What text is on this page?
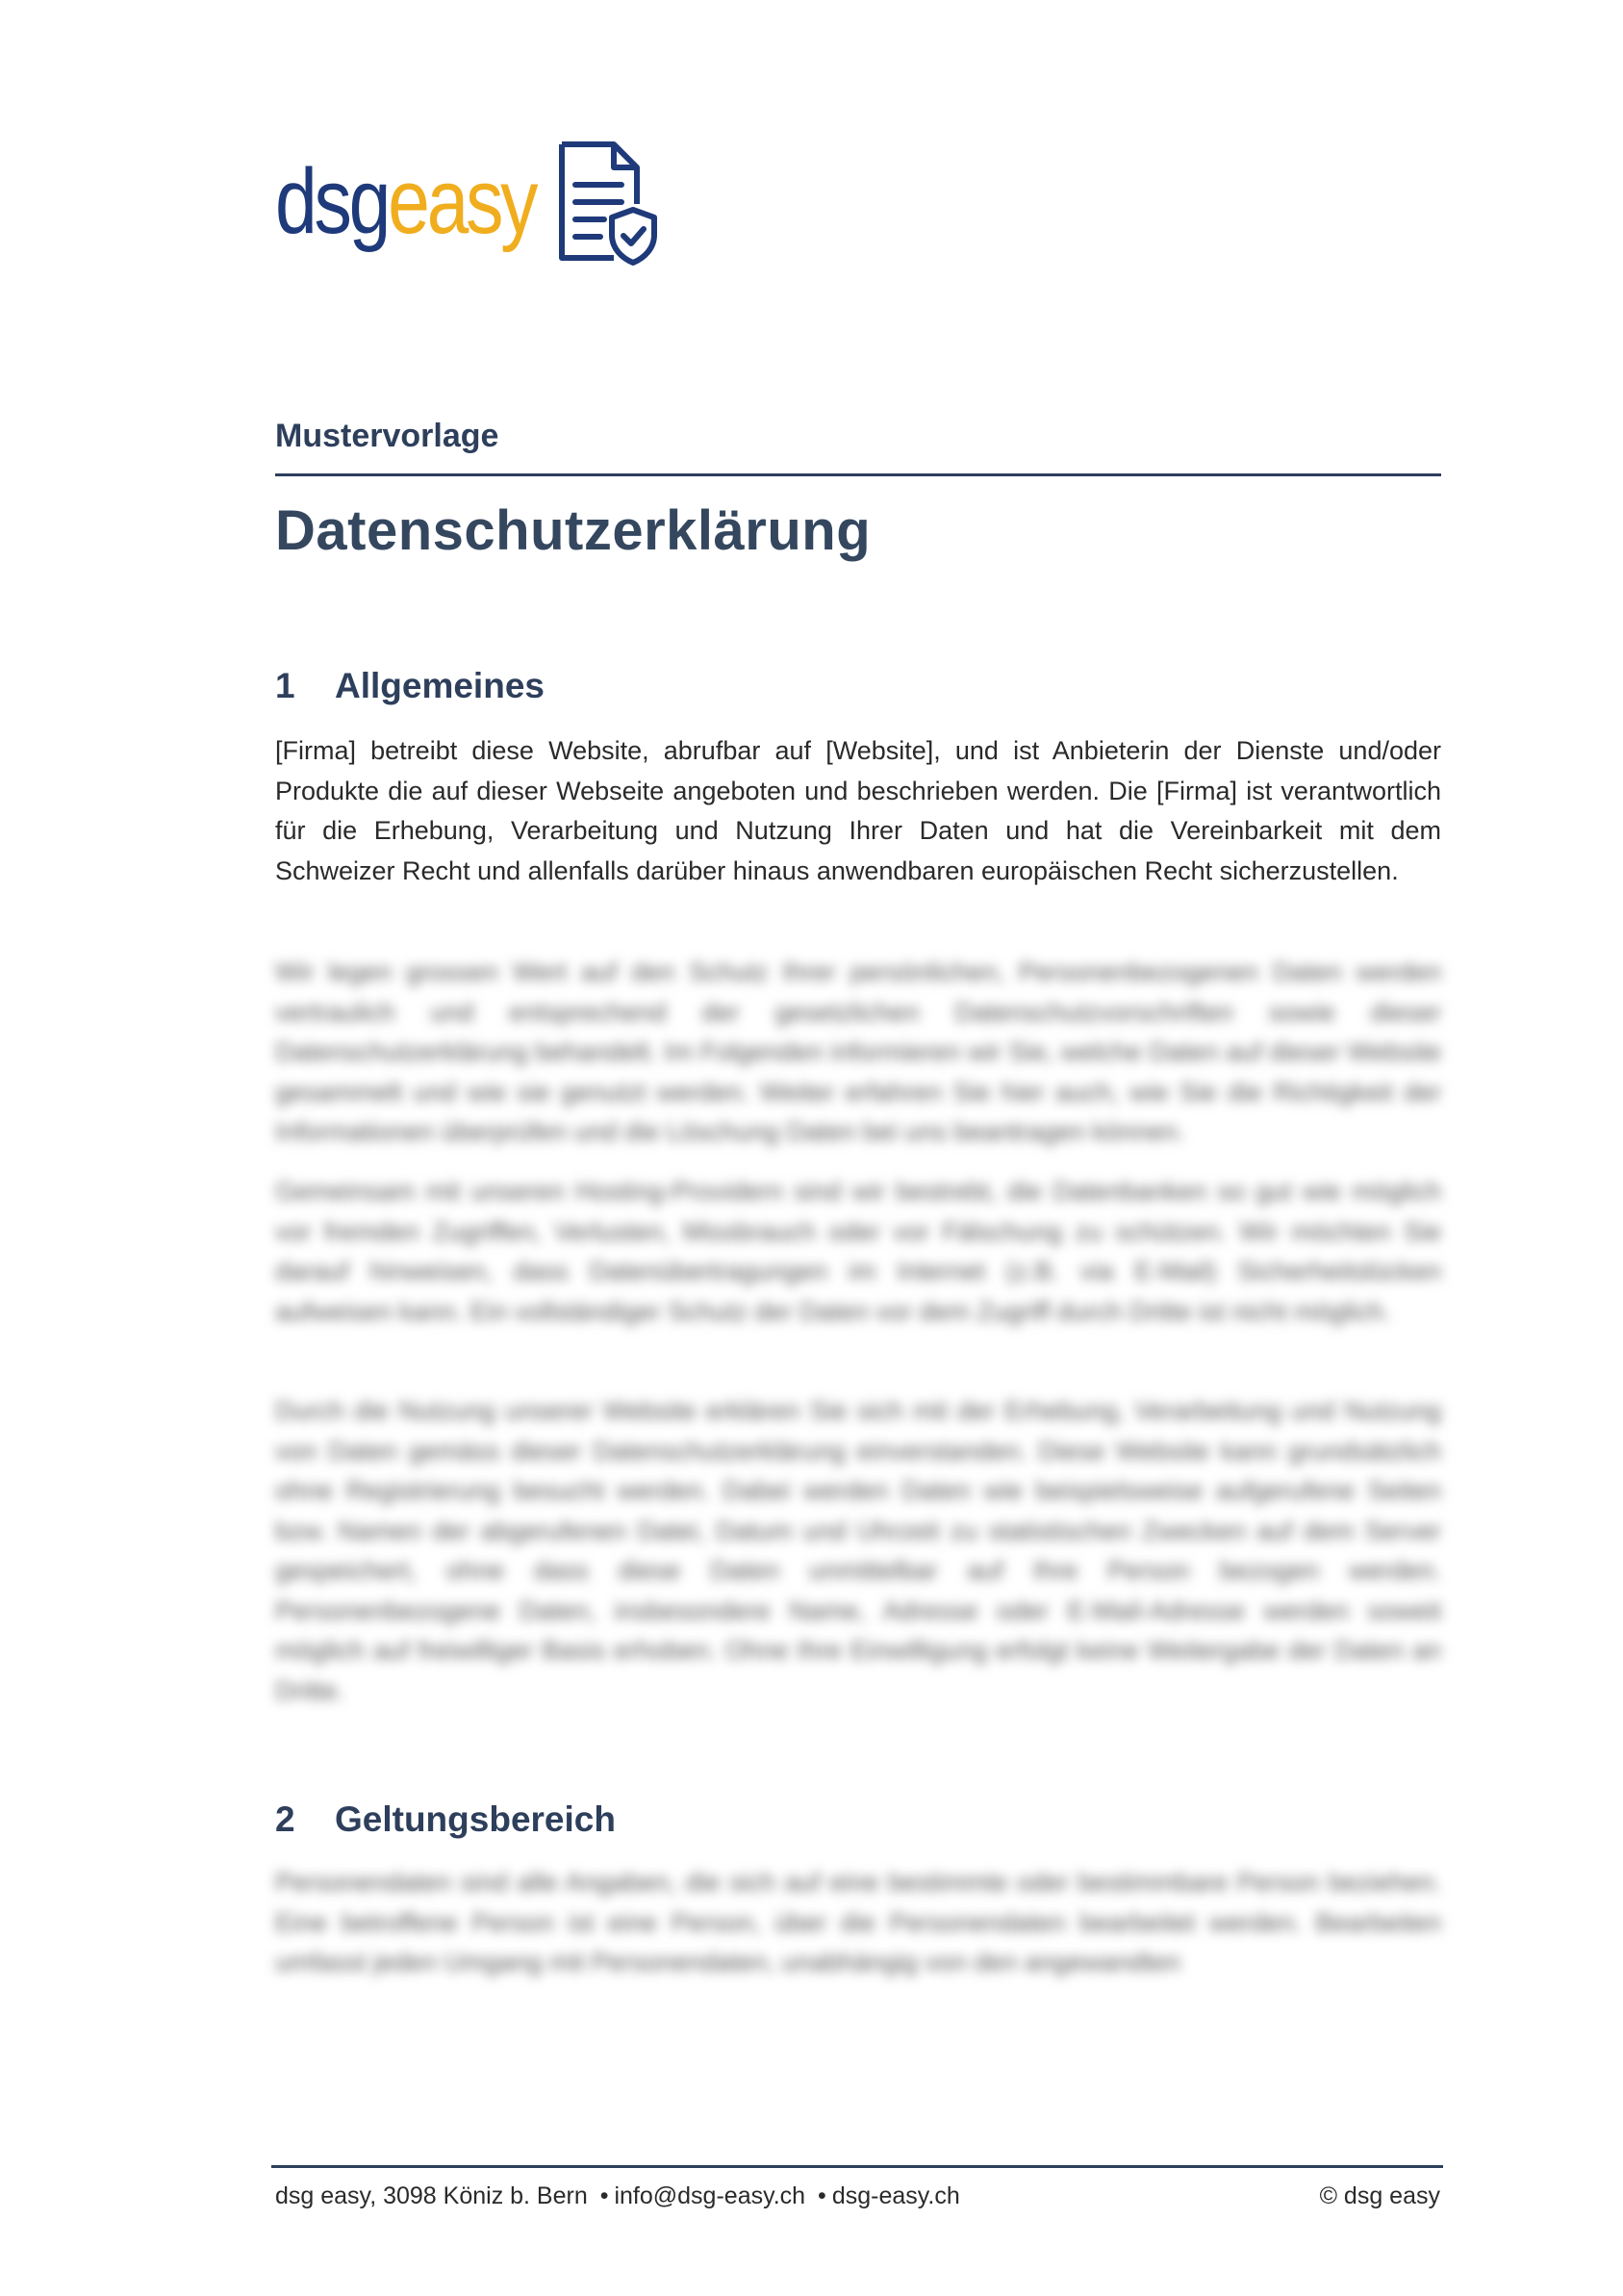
dsgeasy
Mustervorlage
Datenschutzerklärung
1	Allgemeines
[Firma] betreibt diese Website, abrufbar auf [Website], und ist Anbieterin der Dienste und/oder Produkte die auf dieser Webseite angeboten und beschrieben werden. Die [Firma] ist verantwortlich für die Erhebung, Verarbeitung und Nutzung Ihrer Daten und hat die Vereinbarkeit mit dem Schweizer Recht und allenfalls darüber hinaus anwendbaren europäischen Recht sicherzustellen.
Wir legen grossen Wert auf den Schutz Ihrer persönlichen, Personenbezogenen Daten werden vertraulich und entsprechend der gesetzlichen Datenschutzvorschriften sowie dieser Datenschutzerklärung behandelt. Im Folgenden informieren wir Sie, welche Daten auf dieser Website gesammelt und wie sie genutzt werden. Weiter erfahren Sie hier auch, wie Sie die Richtigkeit der Informationen überprüfen und die Löschung Daten bei uns beantragen können.
Gemeinsam mit unseren Hosting-Providern sind wir bestrebt, die Datenbanken so gut wie möglich vor fremden Zugriffen, Verlusten, Missbrauch oder vor Fälschung zu schützen. Wir möchten Sie darauf hinweisen, dass Datenübertragungen im Internet (z.B. via E-Mail) Sicherheitslücken aufweisen kann. Ein vollständiger Schutz der Daten vor dem Zugriff durch Dritte ist nicht möglich.
Durch die Nutzung unserer Website erklären Sie sich mit der Erhebung, Verarbeitung und Nutzung von Daten gemäss dieser Datenschutzerklärung einverstanden. Diese Website kann grundsätzlich ohne Registrierung besucht werden. Dabei werden Daten wie beispielsweise aufgerufene Seiten bzw. Namen der abgerufenen Datei, Datum und Uhrzeit zu statistischen Zwecken auf dem Server gespeichert, ohne dass diese Daten unmittelbar auf Ihre Person bezogen werden. Personenbezogene Daten, insbesondere Name, Adresse oder E-Mail-Adresse werden soweit möglich auf freiwilliger Basis erhoben. Ohne Ihre Einwilligung erfolgt keine Weitergabe der Daten an Dritte.
2	Geltungsbereich
Personendaten sind alle Angaben, die sich auf eine bestimmte oder bestimmbare Person beziehen. Eine betroffene Person ist eine Person, über die Personendaten bearbeitet werden. Bearbeiten umfasst jeden Umgang mit Personendaten, unabhängig von den angewandten
dsg easy, 3098 Köniz b. Bern • info@dsg-easy.ch • dsg-easy.ch	© dsg easy
